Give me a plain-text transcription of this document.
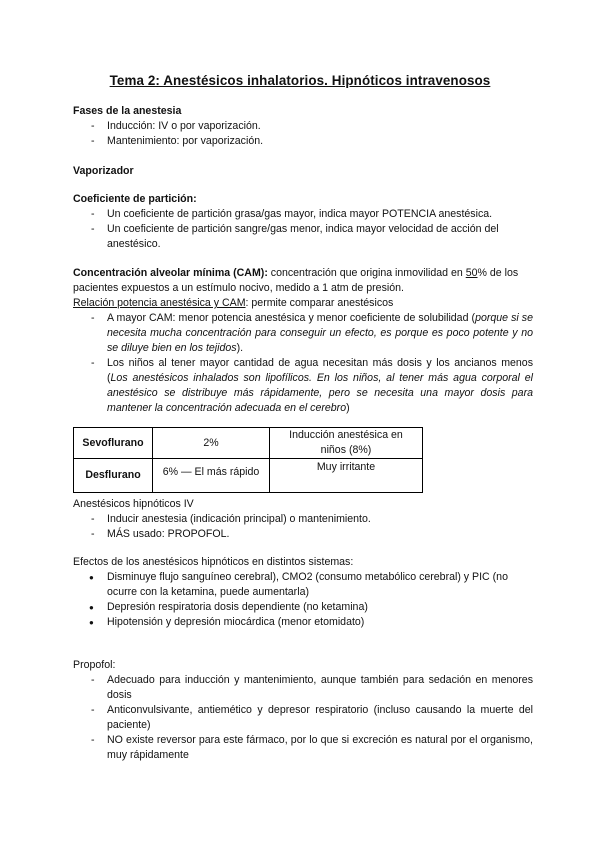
Tema 2: Anestésicos inhalatorios. Hipnóticos intravenosos
Fases de la anestesia
- Inducción: IV o por vaporización.
- Mantenimiento: por vaporización.
Vaporizador
Coeficiente de partición:
- Un coeficiente de partición grasa/gas mayor, indica mayor POTENCIA anestésica.
- Un coeficiente de partición sangre/gas menor, indica mayor velocidad de acción del anestésico.
Concentración alveolar mínima (CAM): concentración que origina inmovilidad en 50% de los pacientes expuestos a un estímulo nocivo, medido a 1 atm de presión.
Relación potencia anestésica y CAM: permite comparar anestésicos
- A mayor CAM: menor potencia anestésica y menor coeficiente de solubilidad (porque si se necesita mucha concentración para conseguir un efecto, es porque es poco potente y no se diluye bien en los tejidos).
- Los niños al tener mayor cantidad de agua necesitan más dosis y los ancianos menos (Los anestésicos inhalados son lipofílicos. En los niños, al tener más agua corporal el anestésico se distribuye más rápidamente, pero se necesita una mayor dosis para mantener la concentración adecuada en el cerebro)
Sevoflurano	2%	Inducción anestésica en niños (8%)
Desflurano	6% — El más rápido	Muy irritante
Anestésicos hipnóticos IV
- Inducir anestesia (indicación principal) o mantenimiento.
- MÁS usado: PROPOFOL.
Efectos de los anestésicos hipnóticos en distintos sistemas:
● Disminuye flujo sanguíneo cerebral), CMO2 (consumo metabólico cerebral) y PIC (no ocurre con la ketamina, puede aumentarla)
● Depresión respiratoria dosis dependiente (no ketamina)
● Hipotensión y depresión miocárdica (menor etomidato)
Propofol:
- Adecuado para inducción y mantenimiento, aunque también para sedación en menores dosis
- Anticonvulsivante, antiemético y depresor respiratorio (incluso causando la muerte del paciente)
- NO existe reversor para este fármaco, por lo que si excreción es natural por el organismo, muy rápidamente
